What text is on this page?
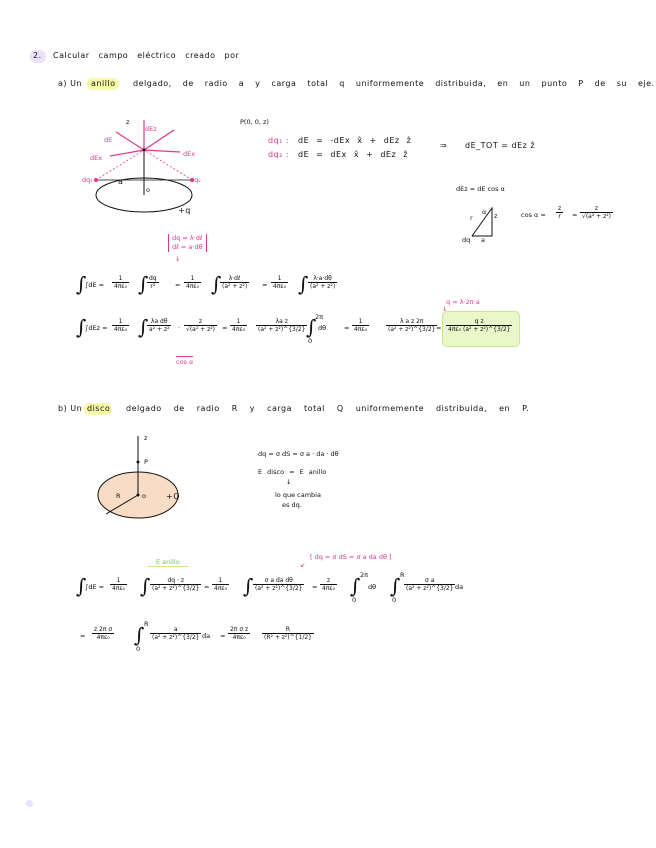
2. Calcular campo eléctrico creado por
a) Un anillo delgado, de radio a y carga total q uniformemente distribuida, en un punto P de su eje.
dE
dEz
dEx
dEx
z
dq₁	dq₂
a
o
+q
P(0, 0, z)
dq₁ : dE = -dEx x̂ + dEz ẑ
dq₂ : dE = dEx x̂ + dEz ẑ
⇒ dE_TOT = dEz ẑ
dEz = dE cos α
r	z
α
dq a
$\cos \alpha = \frac{z}{r} = \frac{z}{\text{√(a² + z²)}}$
dq = λ·dℓ
dℓ = a·dθ
↓
∫
$\int dE = \frac{1}{\text{4πε₀}}$ ∫
$\frac{dq}{\text{r²}}$	= $\frac{1}{\text{4πε₀}}$ ∫	λ·dℓ
(a² + z²)	= $\frac{1}{\text{4πε₀}}$ ∫ $\frac{\lambda\cdot a\cdot d\theta}{\text{(a² + z²)}}$
∫
$\int dEz = \frac{1}{\text{4πε₀}}$ ∫
$\frac{\text{λa dθ}}{\text{a² + z²}} \cdot \frac{z}{\text{√(a² + z²)}} = \frac{1}{\text{4πε₀}} \frac{\text{λa z}}{\text{(a² + z²)\textasciicircum{}\{3/2\}}}$
∫
2π
0
dθ	= $\frac{1}{\text{4πε₀}}$	$\frac{\text{λ a z 2π}}{\text{(a² + z²)\textasciicircum{}\{3/2\}}}$
= $\frac{\text{q z}}{\text{4πε₀ (a² + z²)\textasciicircum{}\{3/2\}}}$
q = λ·2π·a
↓
cos α
b) Un disco delgado de radio R y carga total Q uniformemente distribuida, en P.
z
P
R	o	+Q
dq = σ dS = σ a · da · dθ
E disco = E anillo
↓
lo que cambia
es dq.
E anillo
[ dq = σ dS = σ a da dθ ]
↙
∫
$\int dE = \frac{1}{\text{4πε₀}}$ ∫ $\frac{dq \cdot z}{\text{(a² + z²)\textasciicircum{}\{3/2\}}} = \frac{1}{\text{4πε₀}}$ ∫ $\frac{\text{σ a da dθ}}{\text{(a² + z²)\textasciicircum{}\{3/2\}}} = \frac{z}{\text{4πε₀}}$ ∫ 2π
0
dθ ∫ R
0
$\frac{\text{σ a}}{\text{(a² + z²)\textasciicircum{}\{3/2\}}}$ da
= $\frac{\text{z 2π σ}}{\text{4πε₀}}$ ∫ R
0
$\frac{a}{\text{(a² + z²)\textasciicircum{}\{3/2\}}}$ da = $\frac{\text{2π σ z}}{\text{4πε₀}} \frac{R}{\text{(R² + z²)\textasciicircum{}\{1/2\}}}$
